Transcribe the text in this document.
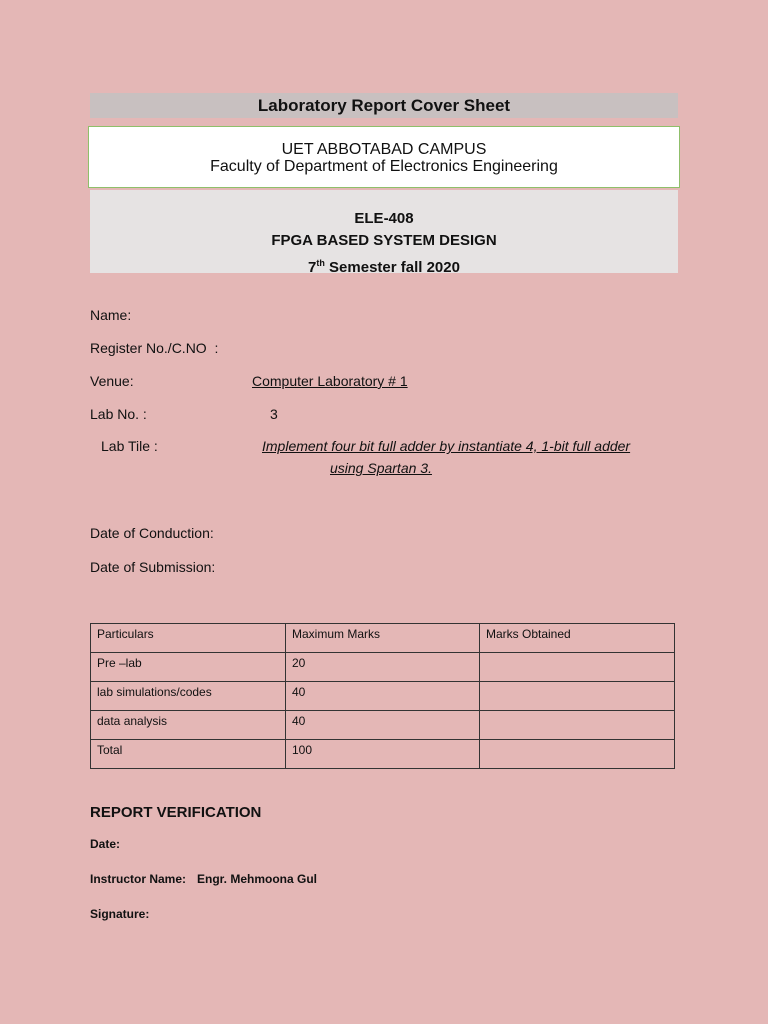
Laboratory Report Cover Sheet
UET ABBOTABAD CAMPUS
Faculty of Department of Electronics Engineering
ELE-408
FPGA BASED SYSTEM DESIGN
7th Semester fall 2020
Name:
Register No./C.NO  :
Venue:	Computer Laboratory # 1
Lab No. :	3
Lab Tile :	Implement four bit full adder by instantiate 4, 1-bit full adder
using Spartan 3.
Date of Conduction:
Date of Submission:
Particulars	Maximum Marks	Marks Obtained
Pre –lab	20	
lab simulations/codes	40	
data analysis	40	
Total	100	
REPORT VERIFICATION
Date:
Instructor Name: Engr. Mehmoona Gul
Signature:
